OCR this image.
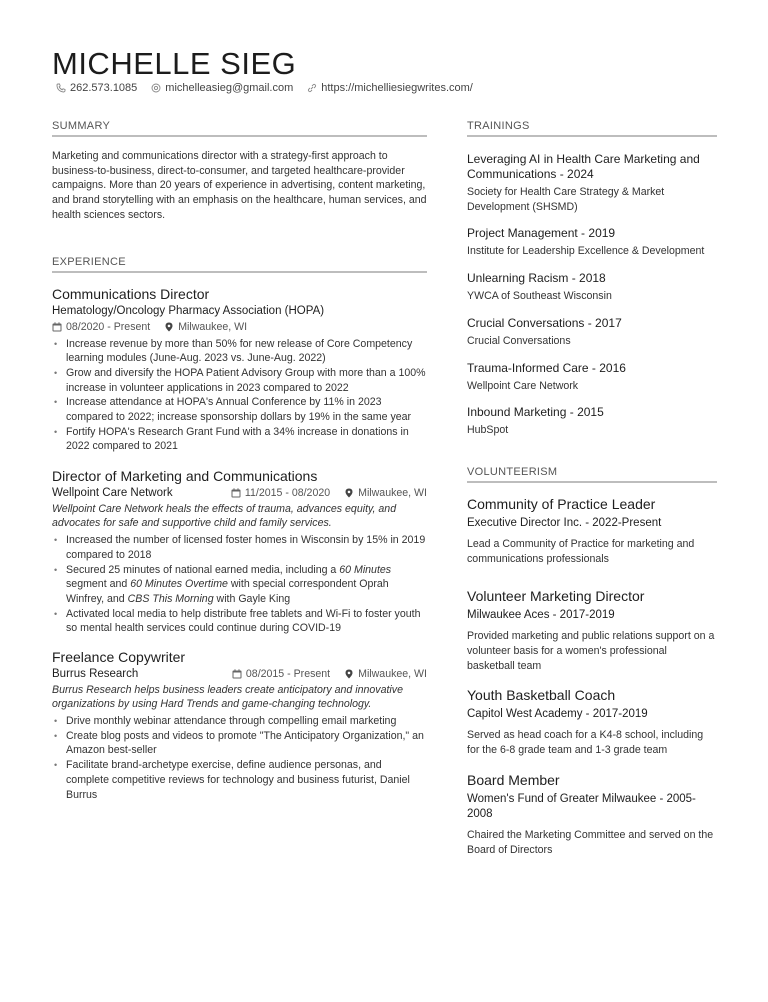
MICHELLE SIEG
262.573.1085	michelleasieg@gmail.com	https://michelliesiegwrites.com/
SUMMARY

Marketing and communications director with a strategy-first approach to business-to-business, direct-to-consumer, and targeted healthcare-provider campaigns. More than 20 years of experience in advertising, content marketing, and brand storytelling with an emphasis on the healthcare, human services, and health sciences sectors.

EXPERIENCE
Communications Director
Hematology/Oncology Pharmacy Association (HOPA)
08/2020 - Present	Milwaukee, WI
• Increase revenue by more than 50% for new release of Core Competency learning modules (June-Aug. 2023 vs. June-Aug. 2022)
• Grow and diversify the HOPA Patient Advisory Group with more than a 100% increase in volunteer applications in 2023 compared to 2022
• Increase attendance at HOPA's Annual Conference by 11% in 2023 compared to 2022; increase sponsorship dollars by 19% in the same year
• Fortify HOPA's Research Grant Fund with a 34% increase in donations in 2022 compared to 2021
Director of Marketing and Communications
Wellpoint Care Network	11/2015 - 08/2020	Milwaukee, WI

Wellpoint Care Network heals the effects of trauma, advances equity, and advocates for safe and supportive child and family services.

• Increased the number of licensed foster homes in Wisconsin by 15% in 2019 compared to 2018
• Secured 25 minutes of national earned media, including a 60 Minutes segment and 60 Minutes Overtime with special correspondent Oprah Winfrey, and CBS This Morning with Gayle King
• Activated local media to help distribute free tablets and Wi-Fi to foster youth so mental health services could continue during COVID-19
Freelance Copywriter
Burrus Research	08/2015 - Present	Milwaukee, WI

Burrus Research helps business leaders create anticipatory and innovative organizations by using Hard Trends and game-changing technology.

• Drive monthly webinar attendance through compelling email marketing
• Create blog posts and videos to promote "The Anticipatory Organization," an Amazon best-seller
• Facilitate brand-archetype exercise, define audience personas, and complete competitive reviews for technology and business futurist, Daniel Burrus
TRAININGS
Leveraging AI in Health Care Marketing and Communications - 2024
Society for Health Care Strategy & Market Development (SHSMD)
Project Management - 2019
Institute for Leadership Excellence & Development
Unlearning Racism - 2018
YWCA of Southeast Wisconsin
Crucial Conversations - 2017
Crucial Conversations
Trauma-Informed Care - 2016
Wellpoint Care Network
Inbound Marketing - 2015
HubSpot
VOLUNTEERISM
Community of Practice Leader
Executive Director Inc. - 2022-Present
Lead a Community of Practice for marketing and communications professionals
Volunteer Marketing Director
Milwaukee Aces - 2017-2019
Provided marketing and public relations support on a volunteer basis for a women's professional basketball team
Youth Basketball Coach
Capitol West Academy - 2017-2019
Served as head coach for a K4-8 school, including for the 6-8 grade team and 1-3 grade team
Board Member
Women's Fund of Greater Milwaukee - 2005-2008
Chaired the Marketing Committee and served on the Board of Directors
